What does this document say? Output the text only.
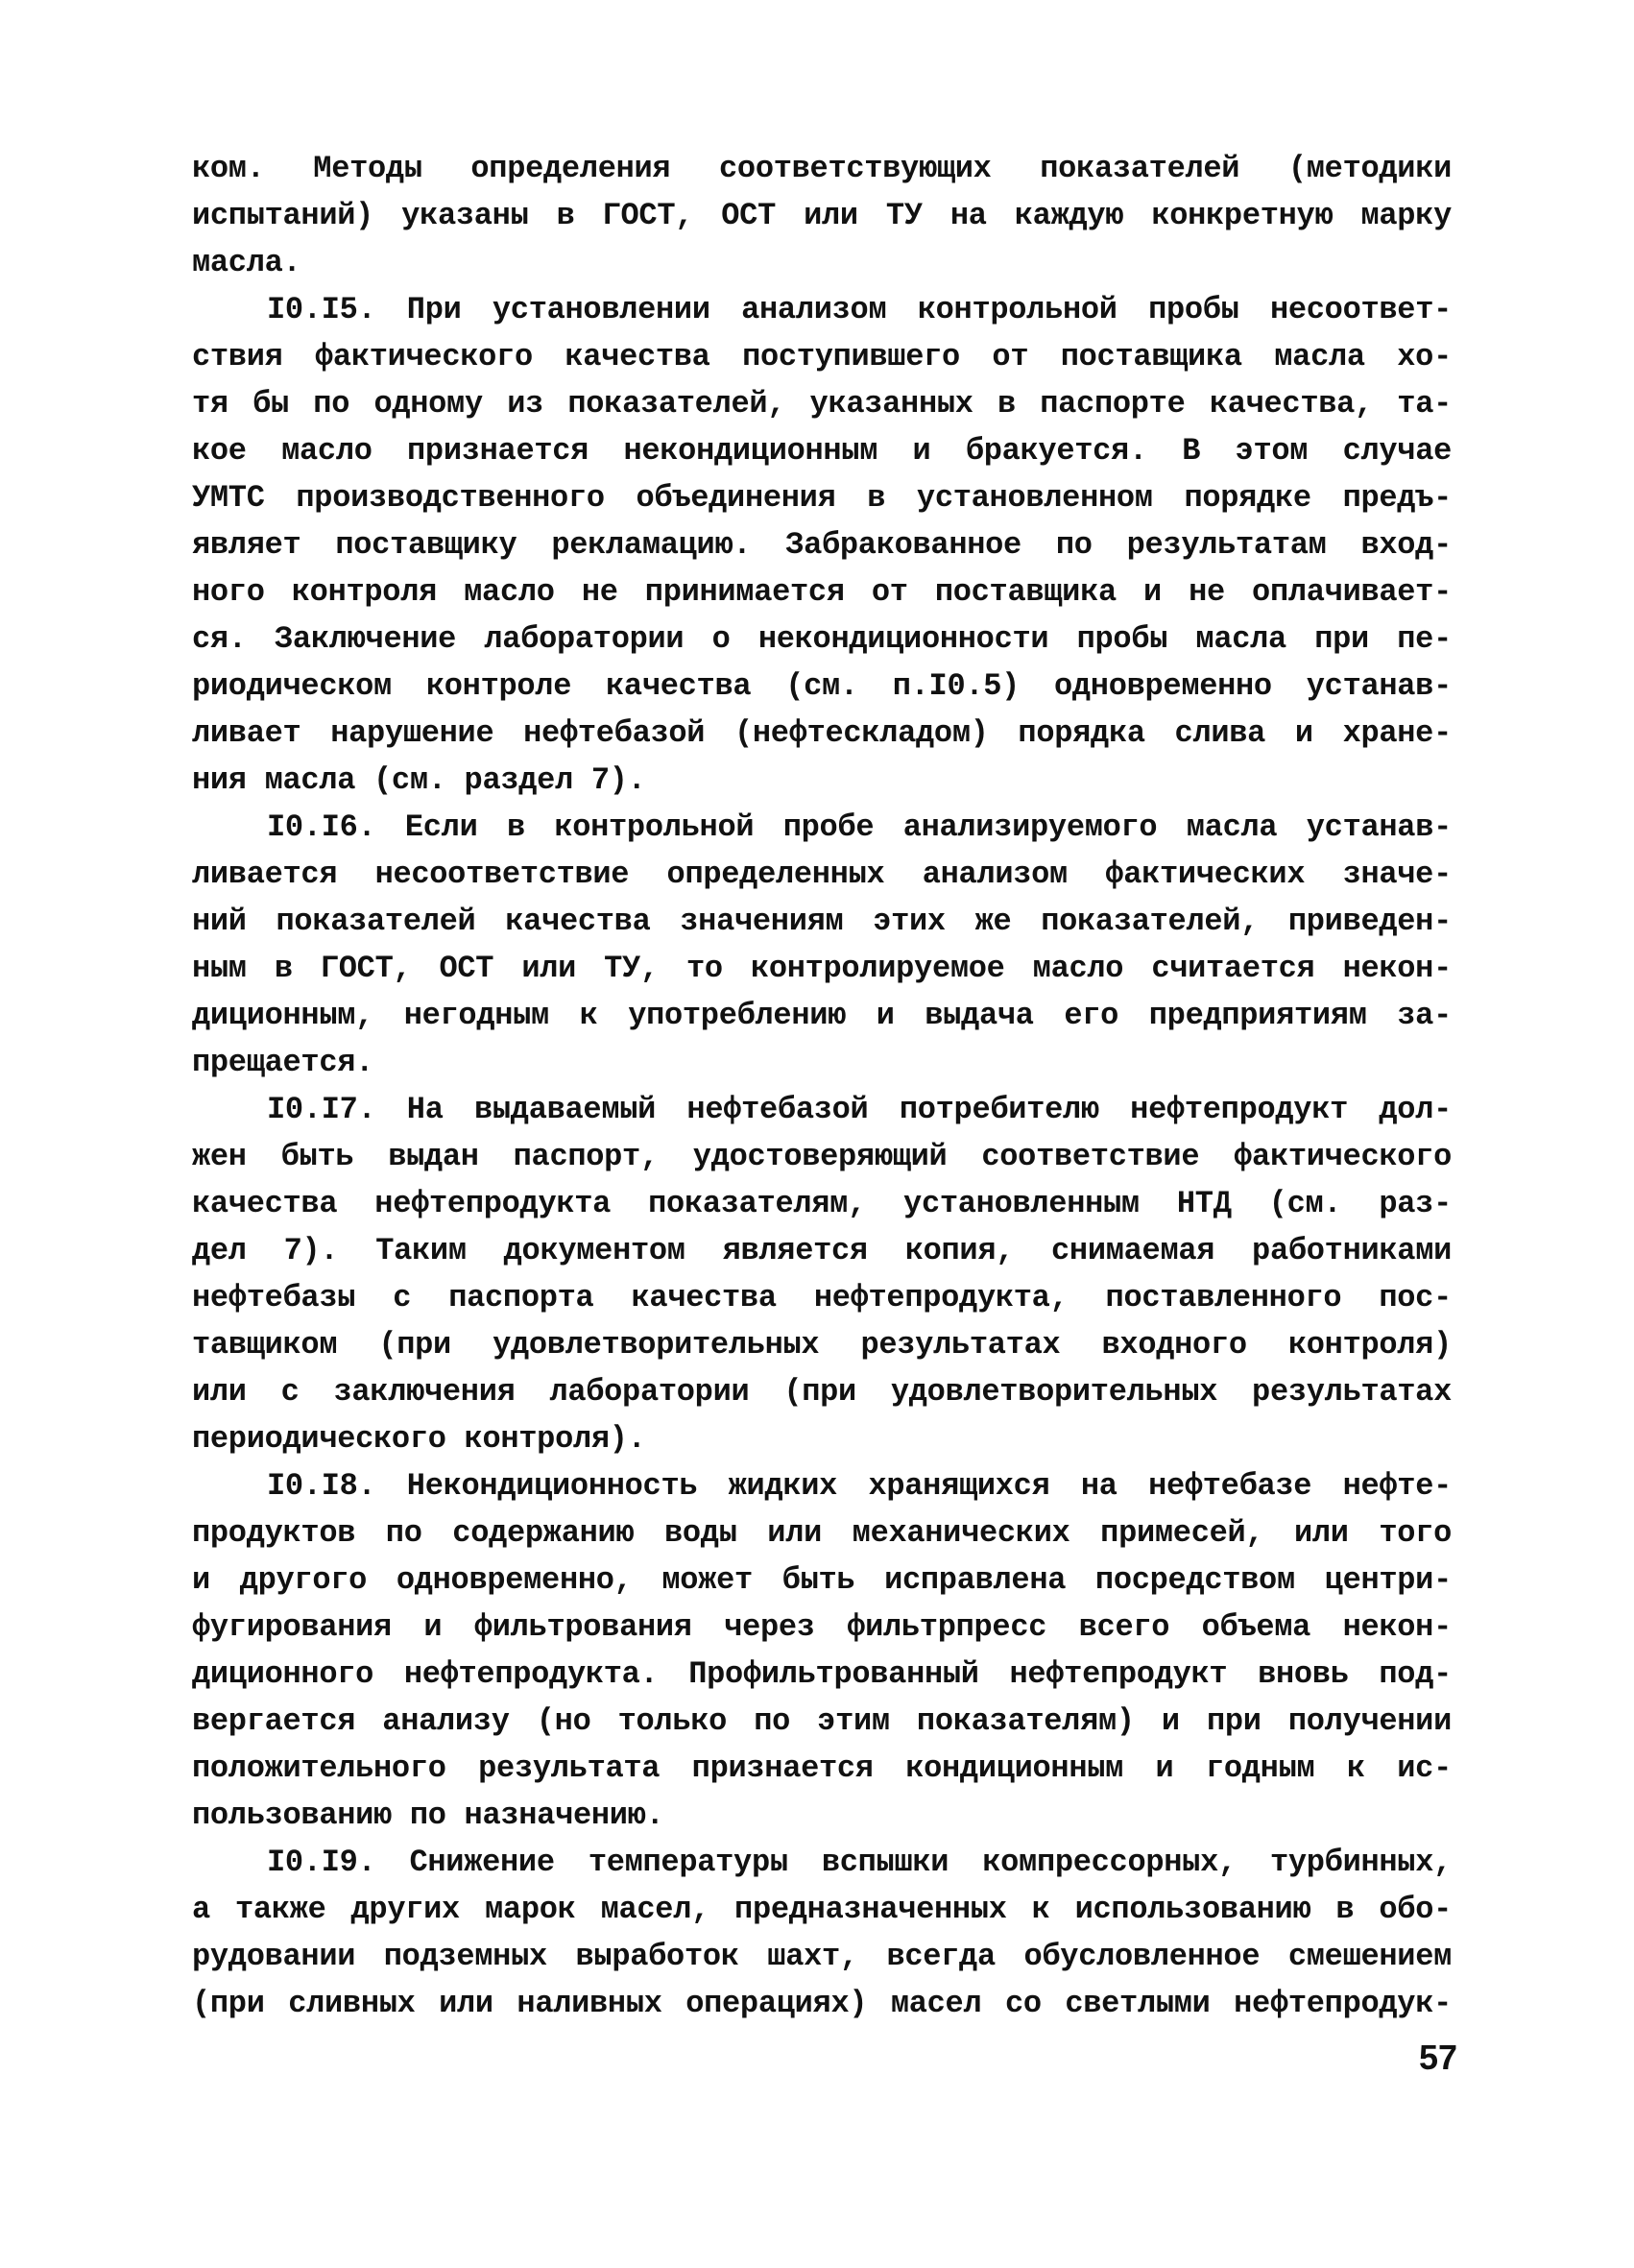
ком. Методы определения соответствующих показателей (методики
испытаний) указаны в ГОСТ, ОСТ или ТУ на каждую конкретную марку
масла.
I0.I5. При установлении анализом контрольной пробы несоответ-
ствия фактического качества поступившего от поставщика масла хо-
тя бы по одному из показателей, указанных в паспорте качества, та-
кое масло признается некондиционным и бракуется. В этом случае
УМТС производственного объединения в установленном порядке предъ-
являет поставщику рекламацию. Забракованное по результатам вход-
ного контроля масло не принимается от поставщика и не оплачивает-
ся. Заключение лаборатории о некондиционности пробы масла при пе-
риодическом контроле качества (см. п.I0.5) одновременно устанав-
ливает нарушение нефтебазой (нефтескладом) порядка слива и хране-
ния масла (см. раздел 7).
I0.I6. Если в контрольной пробе анализируемого масла устанав-
ливается несоответствие определенных анализом фактических значе-
ний показателей качества значениям этих же показателей, приведен-
ным в ГОСТ, ОСТ или ТУ, то контролируемое масло считается некон-
диционным, негодным к употреблению и выдача его предприятиям за-
прещается.
I0.I7. На выдаваемый нефтебазой потребителю нефтепродукт дол-
жен быть выдан паспорт, удостоверяющий соответствие фактического
качества нефтепродукта показателям, установленным НТД (см. раз-
дел 7). Таким документом является копия, снимаемая работниками
нефтебазы с паспорта качества нефтепродукта, поставленного пос-
тавщиком (при удовлетворительных результатах входного контроля)
или с заключения лаборатории (при удовлетворительных результатах
периодического контроля).
I0.I8. Некондиционность жидких хранящихся на нефтебазе нефте-
продуктов по содержанию воды или механических примесей, или того
и другого одновременно, может быть исправлена посредством центри-
фугирования и фильтрования через фильтрпресс всего объема некон-
диционного нефтепродукта. Профильтрованный нефтепродукт вновь под-
вергается анализу (но только по этим показателям) и при получении
положительного результата признается кондиционным и годным к ис-
пользованию по назначению.
I0.I9. Снижение температуры вспышки компрессорных, турбинных,
а также других марок масел, предназначенных к использованию в обо-
рудовании подземных выработок шахт, всегда обусловленное смешением
(при сливных или наливных операциях) масел со светлыми нефтепродук-
57
